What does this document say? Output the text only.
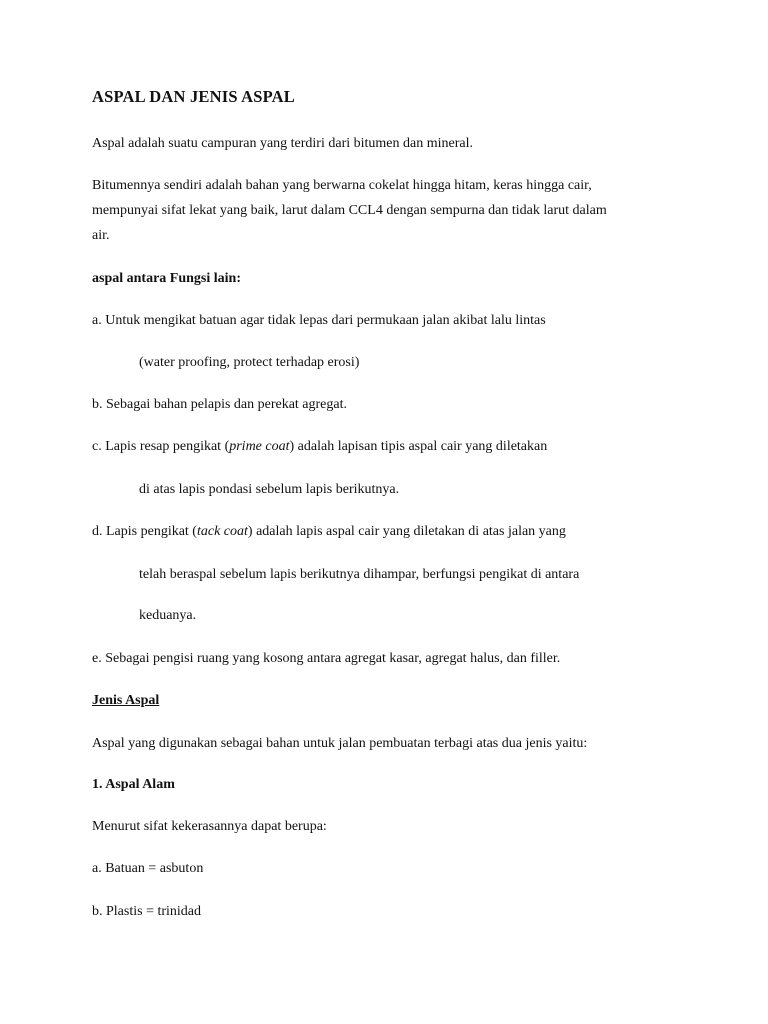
ASPAL DAN JENIS ASPAL
Aspal adalah suatu campuran yang terdiri dari bitumen dan mineral.
Bitumennya sendiri adalah bahan yang berwarna cokelat hingga hitam, keras hingga cair,
mempunyai sifat lekat yang baik, larut dalam CCL4 dengan sempurna dan tidak larut dalam
air.
aspal antara Fungsi lain:
a. Untuk mengikat batuan agar tidak lepas dari permukaan jalan akibat lalu lintas
(water proofing, protect terhadap erosi)
b. Sebagai bahan pelapis dan perekat agregat.
c. Lapis resap pengikat (prime coat) adalah lapisan tipis aspal cair yang diletakan
di atas lapis pondasi sebelum lapis berikutnya.
d. Lapis pengikat (tack coat) adalah lapis aspal cair yang diletakan di atas jalan yang
telah beraspal sebelum lapis berikutnya dihampar, berfungsi pengikat di antara
keduanya.
e. Sebagai pengisi ruang yang kosong antara agregat kasar, agregat halus, dan filler.
Jenis Aspal
Aspal yang digunakan sebagai bahan untuk jalan pembuatan terbagi atas dua jenis yaitu:
1. Aspal Alam
Menurut sifat kekerasannya dapat berupa:
a. Batuan = asbuton
b. Plastis = trinidad
